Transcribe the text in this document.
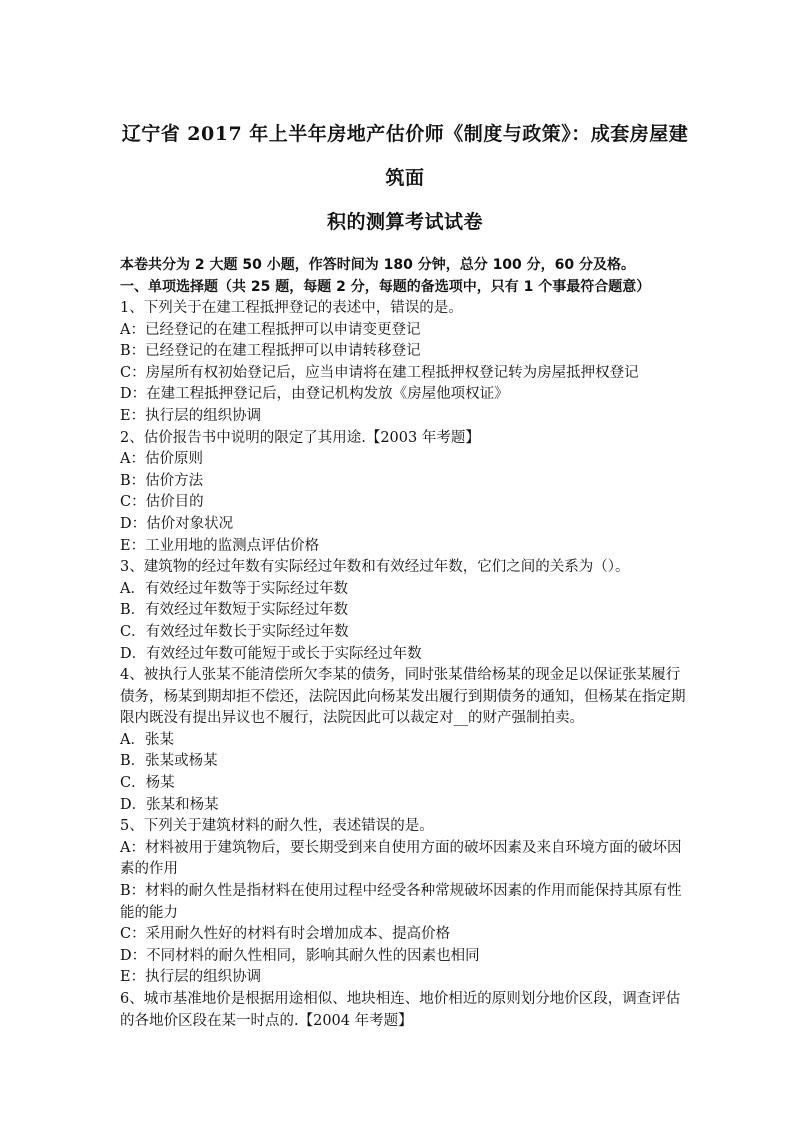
辽宁省 2017 年上半年房地产估价师《制度与政策》：成套房屋建筑面
积的测算考试试卷
本卷共分为 2 大题 50 小题，作答时间为 180 分钟，总分 100 分，60 分及格。
一、单项选择题（共 25 题，每题 2 分，每题的备选项中，只有 1 个事最符合题意）
1、下列关于在建工程抵押登记的表述中，错误的是。
A：已经登记的在建工程抵押可以申请变更登记
B：已经登记的在建工程抵押可以申请转移登记
C：房屋所有权初始登记后，应当申请将在建工程抵押权登记转为房屋抵押权登记
D：在建工程抵押登记后，由登记机构发放《房屋他项权证》
E：执行层的组织协调
2、估价报告书中说明的限定了其用途.【2003 年考题】
A：估价原则
B：估价方法
C：估价目的
D：估价对象状况
E：工业用地的监测点评估价格
3、建筑物的经过年数有实际经过年数和有效经过年数，它们之间的关系为（）。
A．有效经过年数等于实际经过年数
B．有效经过年数短于实际经过年数
C．有效经过年数长于实际经过年数
D．有效经过年数可能短于或长于实际经过年数
4、被执行人张某不能清偿所欠李某的债务，同时张某借给杨某的现金足以保证张某履行债务，杨某到期却拒不偿还，法院因此向杨某发出履行到期债务的通知，但杨某在指定期限内既没有提出异议也不履行，法院因此可以裁定对__的财产强制拍卖。
A．张某
B．张某或杨某
C．杨某
D．张某和杨某
5、下列关于建筑材料的耐久性，表述错误的是。
A：材料被用于建筑物后，要长期受到来自使用方面的破坏因素及来自环境方面的破坏因素的作用
B：材料的耐久性是指材料在使用过程中经受各种常规破坏因素的作用而能保持其原有性能的能力
C：采用耐久性好的材料有时会增加成本、提高价格
D：不同材料的耐久性相同，影响其耐久性的因素也相同
E：执行层的组织协调
6、城市基准地价是根据用途相似、地块相连、地价相近的原则划分地价区段，调查评估的各地价区段在某一时点的.【2004 年考题】
